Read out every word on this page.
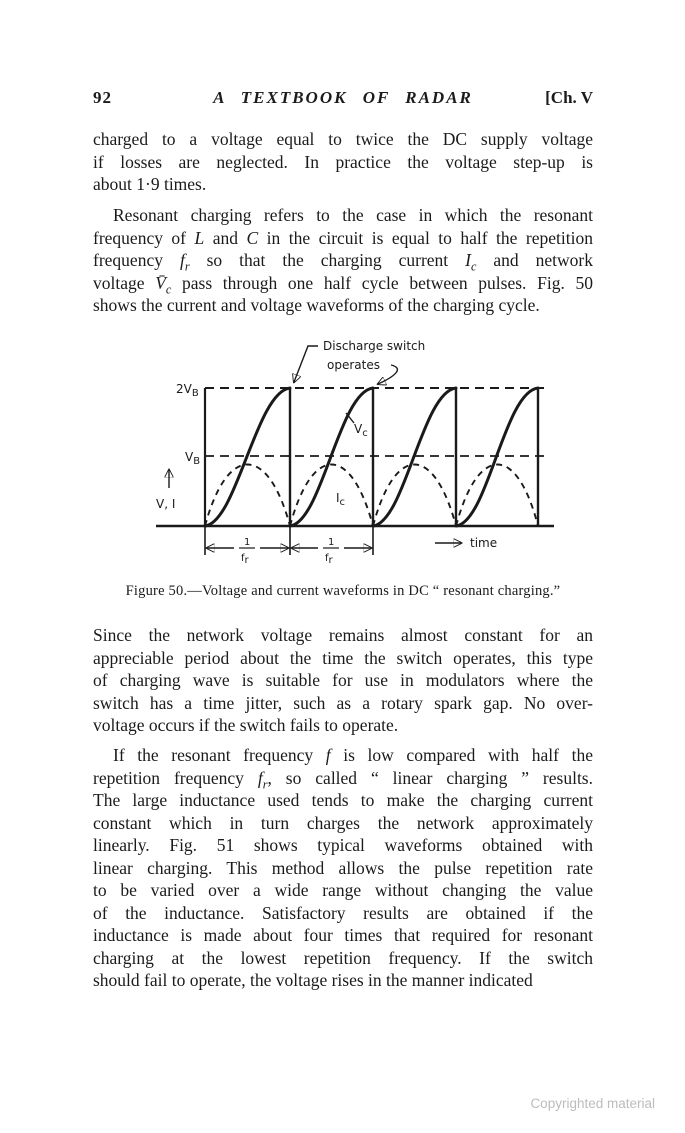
92	A TEXTBOOK OF RADAR	[Ch. V
charged to a voltage equal to twice the DC supply voltage
if losses are neglected. In practice the voltage step-up is
about 1·9 times.
Resonant charging refers to the case in which the resonant
frequency of L and C in the circuit is equal to half the repetition
frequency $f_r$ so that the charging current $I_c$ and network
voltage $V̄_c$ pass through one half cycle between pulses. Fig. 50
shows the current and voltage waveforms of the charging cycle.
Discharge switch
operates
$2V_B$
$V_B$
V, I
$V_c$
$I_c$
time
1
fr
1
fr
Figure 50.—Voltage and current waveforms in DC “ resonant charging.”
Since the network voltage remains almost constant for an
appreciable period about the time the switch operates, this type
of charging wave is suitable for use in modulators where the
switch has a time jitter, such as a rotary spark gap. No over-
voltage occurs if the switch fails to operate.
If the resonant frequency f is low compared with half the
repetition frequency $f_r$, so called “ linear charging ” results.
The large inductance used tends to make the charging current
constant which in turn charges the network approximately
linearly. Fig. 51 shows typical waveforms obtained with
linear charging. This method allows the pulse repetition rate
to be varied over a wide range without changing the value
of the inductance. Satisfactory results are obtained if the
inductance is made about four times that required for resonant
charging at the lowest repetition frequency. If the switch
should fail to operate, the voltage rises in the manner indicated
Copyrighted material
